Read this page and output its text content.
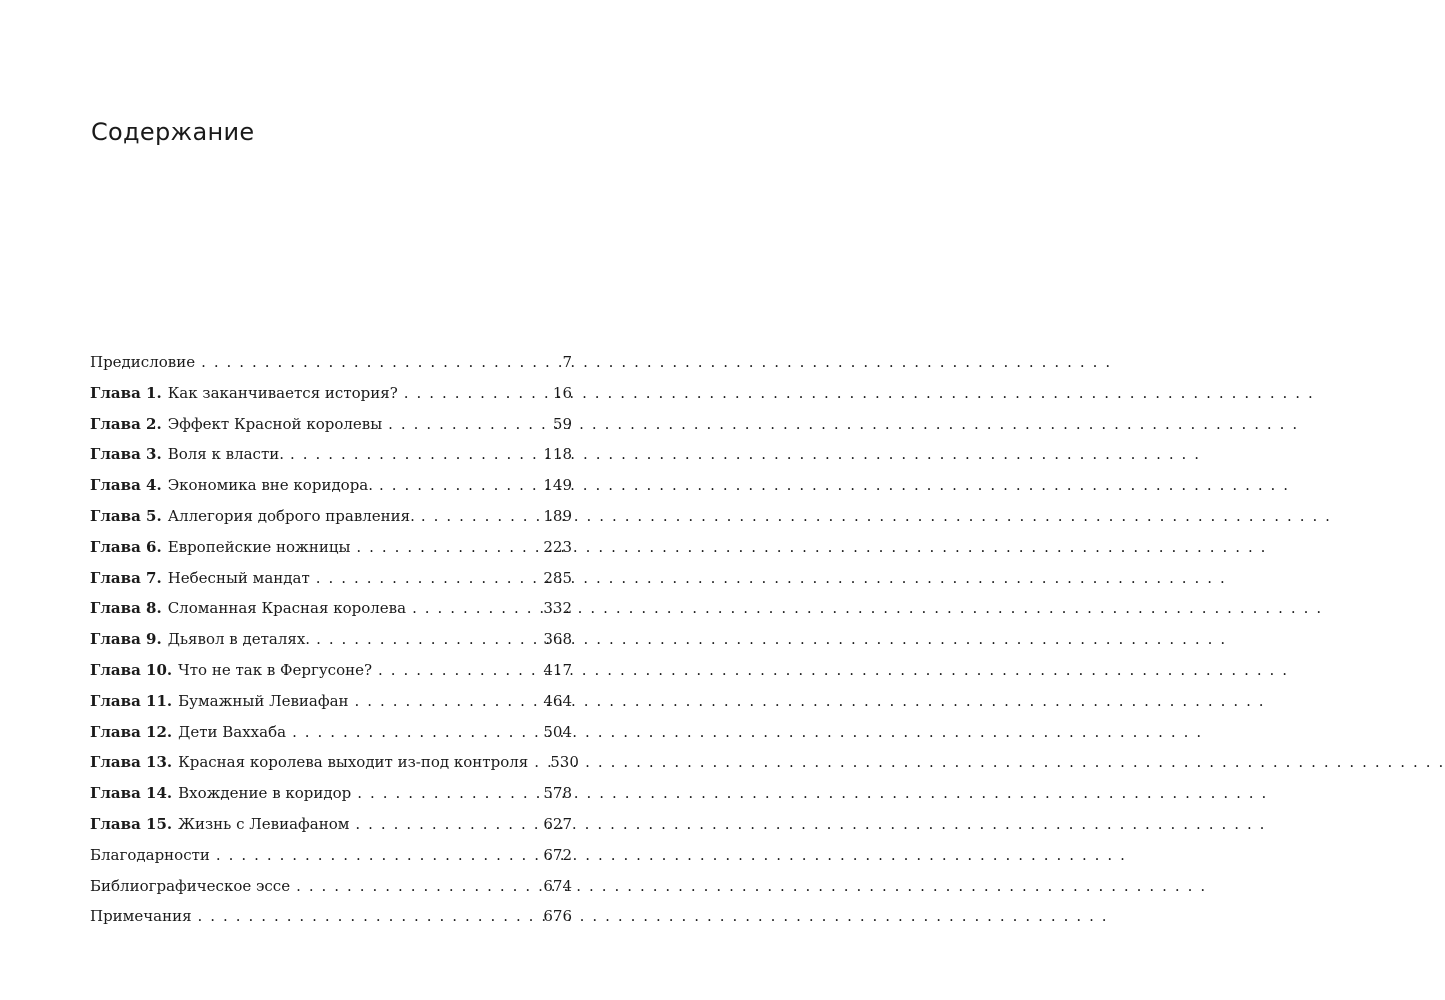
Содержание
Предисловие . . .	7
Глава 1. Как заканчивается история? . . .	16
Глава 2. Эффект Красной королевы . . .	59
Глава 3. Воля к власти. . . .	118
Глава 4. Экономика вне коридора. . . .	149
Глава 5. Аллегория доброго правления. . . .	189
Глава 6. Европейские ножницы . . .	223
Глава 7. Небесный мандат . . .	285
Глава 8. Сломанная Красная королева . . .	332
Глава 9. Дьявол в деталях. . . .	368
Глава 10. Что не так в Фергусоне? . . .	417
Глава 11. Бумажный Левиафан . . .	464
Глава 12. Дети Ваххаба . . .	504
Глава 13. Красная королева выходит из-под контроля . . . 530
Глава 14. Вхождение в коридор . . .	578
Глава 15. Жизнь с Левиафаном . . .	627
Благодарности . . .	672
Библиографическое эссе . . .	674
Примечания . . .	676
